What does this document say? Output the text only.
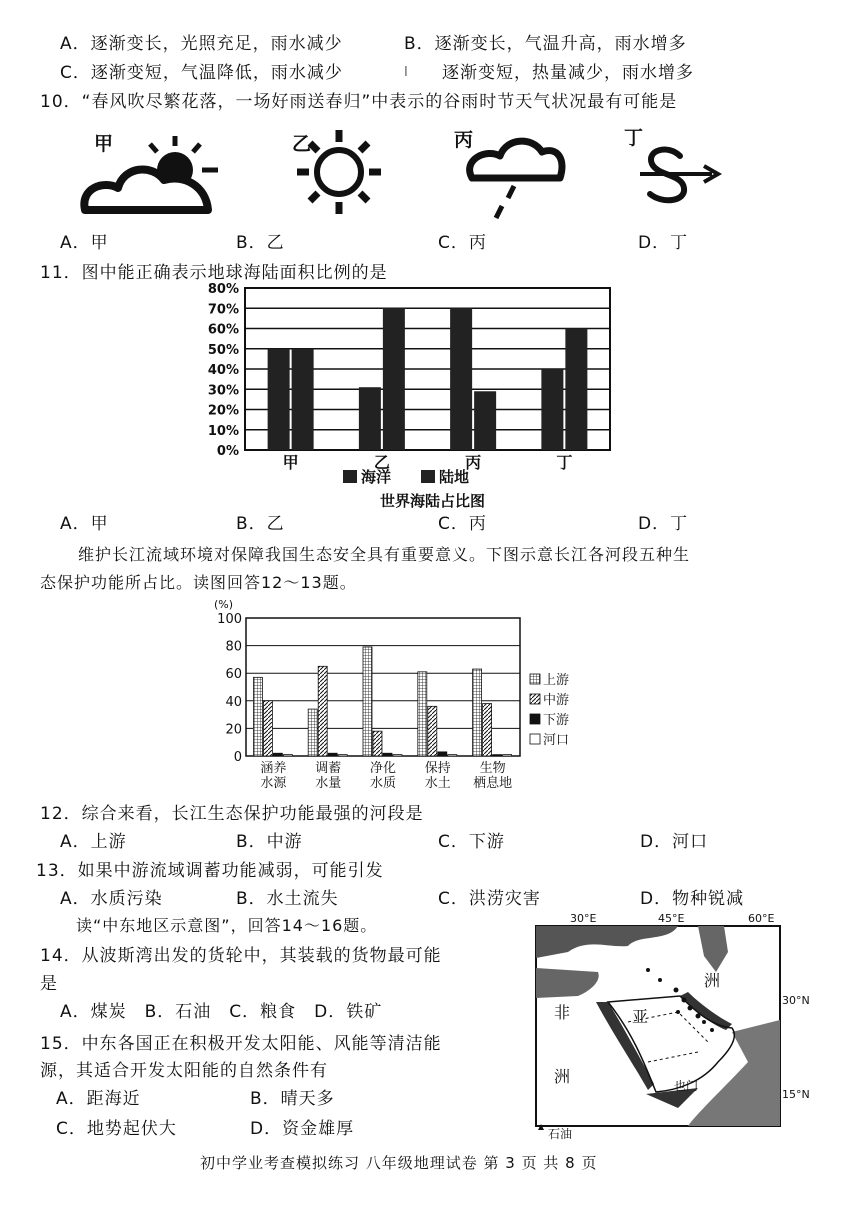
A．逐渐变长，光照充足，雨水减少	B．逐渐变长，气温升高，雨水增多
C．逐渐变短，气温降低，雨水减少	I 逐渐变短，热量减少，雨水增多
10．“春风吹尽繁花落，一场好雨送春归”中表示的谷雨时节天气状况最有可能是
甲	乙	丙	丁
A．甲	B．乙	C．丙	D．丁
11．图中能正确表示地球海陆面积比例的是
0%
10%
20%
30%
40%
50%
60%
70%
80%
甲	乙	丙	丁
海洋	陆地
世界海陆占比图
A．甲	B．乙	C．丙	D．丁
维护长江流域环境对保障我国生态安全具有重要意义。下图示意长江各河段五种生
态保护功能所占比。读图回答12～13题。
(%)
0
20
40
60
80
100
涵养
水源
调蓄
水量
净化
水质
保持
水土
生物
栖息地
上游
中游
下游
河口
12．综合来看，长江生态保护功能最强的河段是
A．上游	B．中游	C．下游	D．河口
13．如果中游流域调蓄功能减弱，可能引发
A．水质污染	B．水土流失	C．洪涝灾害	D．物种锐减
读“中东地区示意图”，回答14～16题。
14．从波斯湾出发的货轮中，其装载的货物最可能
是
A．煤炭　B．石油　C．粮食　D．铁矿
15．中东各国正在积极开发太阳能、风能等清洁能
源，其适合开发太阳能的自然条件有
A．距海近	B．晴天多
C．地势起伏大	D．资金雄厚
30°E	45°E	60°E
30°N
15°N
洲
亚
非
洲	也门
石油
初中学业考查模拟练习 八年级地理试卷 第 3 页 共 8 页
